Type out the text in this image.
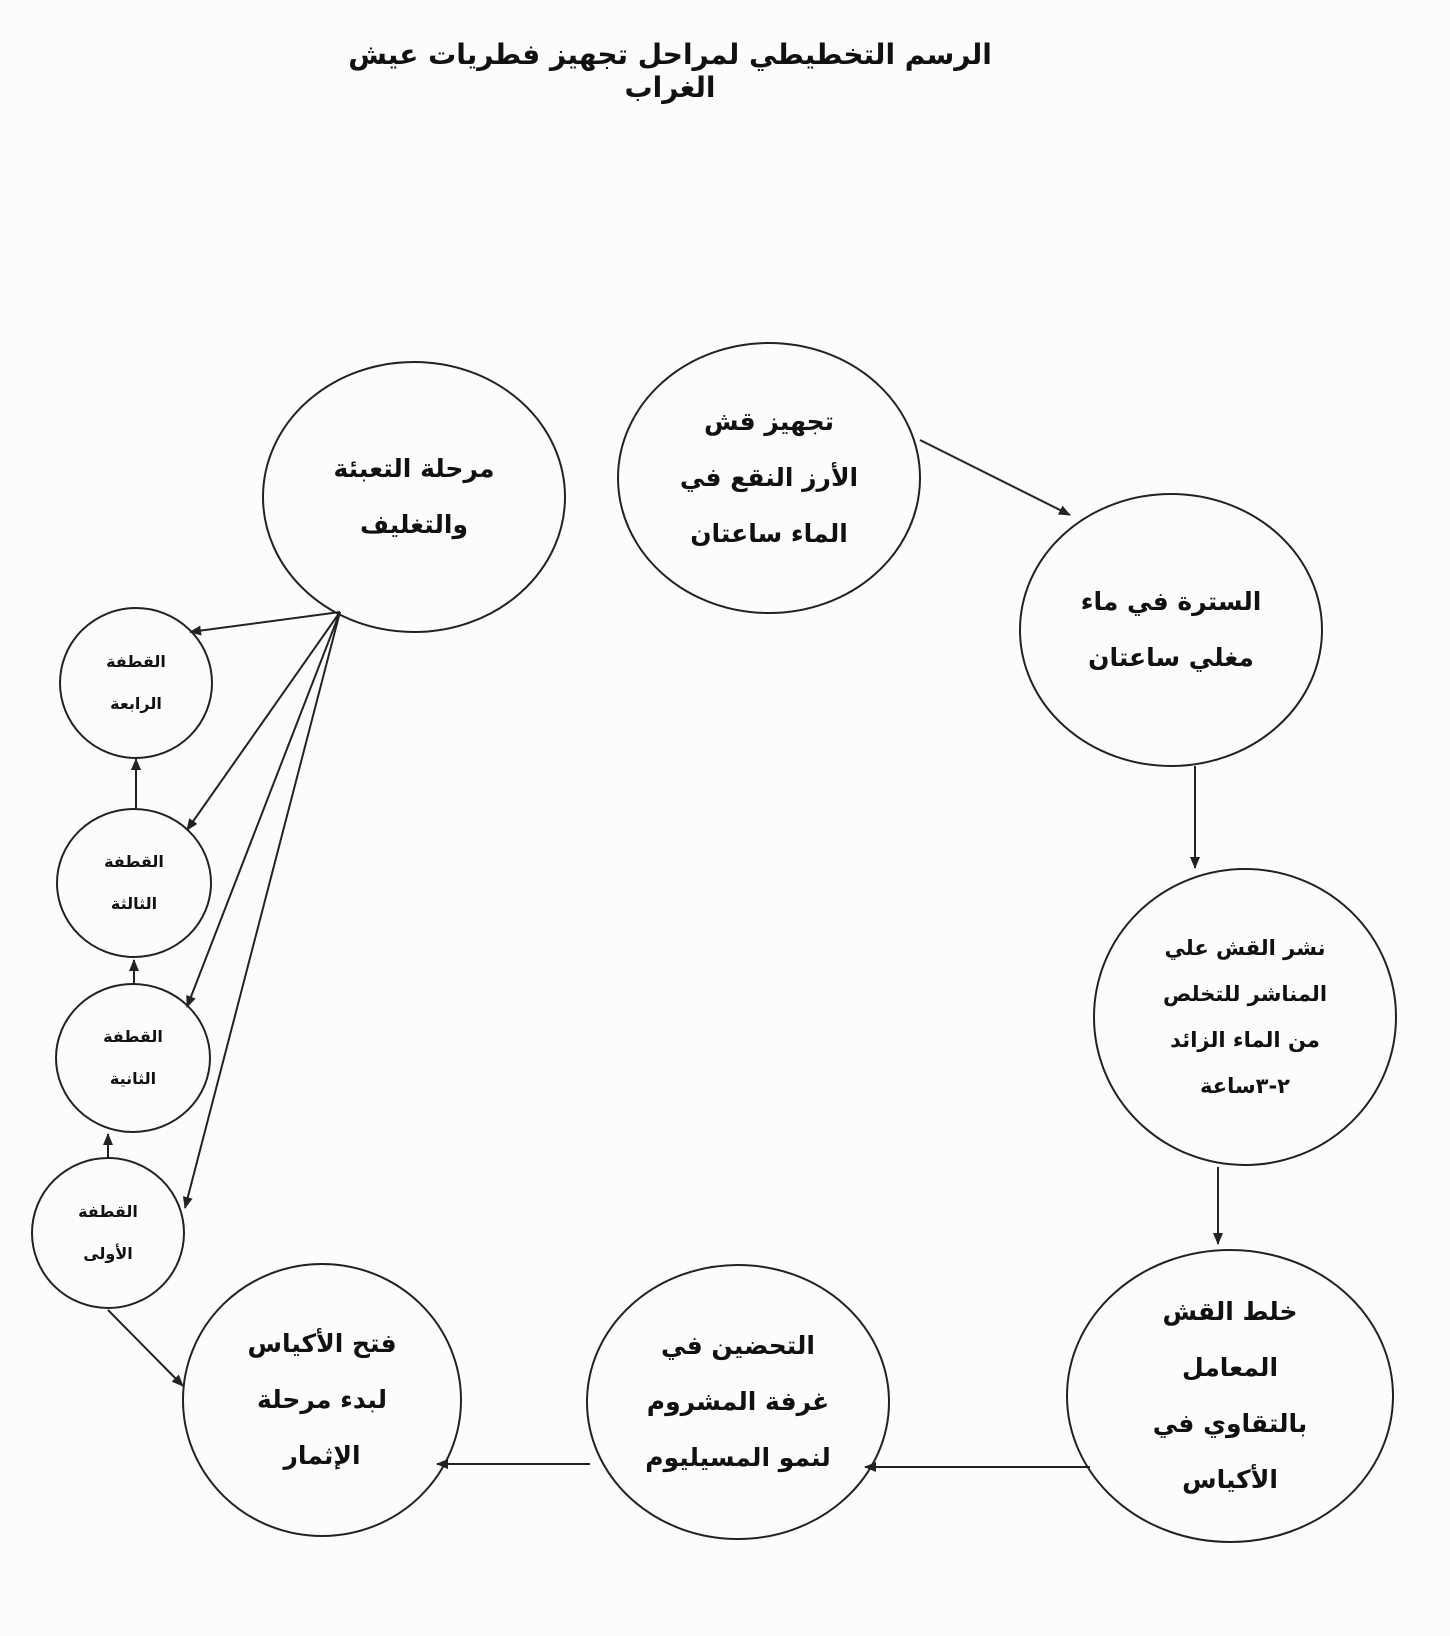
الرسم التخطيطي لمراحل تجهيز فطريات عيش الغراب
تجهيز قش
الأرز النقع في
الماء ساعتان
السترة في ماء
مغلي ساعتان
نشر القش علي
المناشر للتخلص
من الماء الزائد
٢-٣ساعة
خلط القش
المعامل
بالتقاوي في
الأكياس
التحضين في
غرفة المشروم
لنمو المسيليوم
فتح الأكياس
لبدء مرحلة
الإثمار
مرحلة التعبئة
والتغليف
القطفة
الرابعة
القطفة
الثالثة
القطفة
الثانية
القطفة
الأولى
